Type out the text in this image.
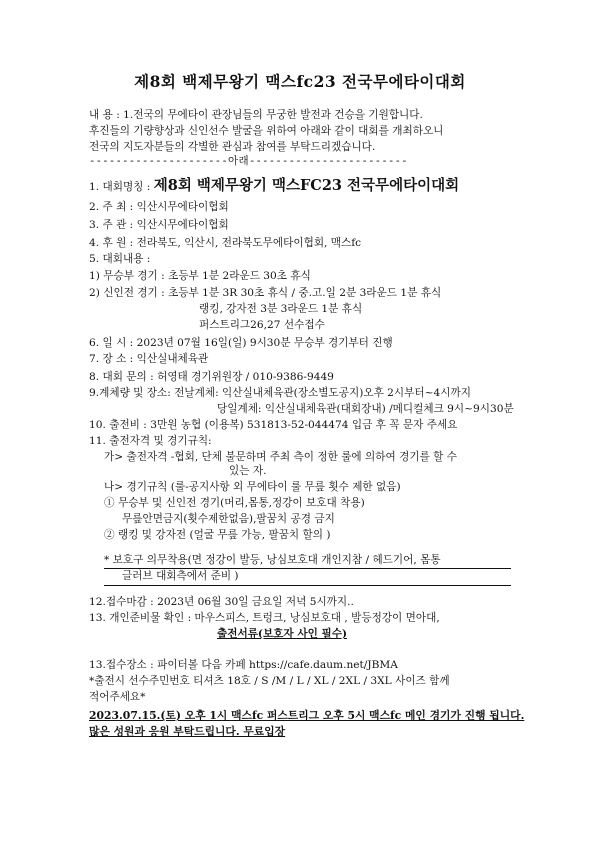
제8회 백제무왕기 맥스fc23 전국무에타이대회
내 용 : 1.전국의 무에타이 관장님들의 무궁한 발전과 건승을 기원합니다.
후진들의 기량향상과 신인선수 발굴을 위하여 아래와 같이 대회를 개최하오니
전국의 지도자분들의 각별한 관심과 참여를 부탁드리겠습니다.
---------------------아래------------------------
1. 대회명칭 : 제8회 백제무왕기 맥스FC23 전국무에타이대회
2. 주 최 : 익산시무에타이협회
3. 주 관 : 익산시무에타이협회
4. 후 원 : 전라북도, 익산시, 전라북도무에타이협회, 맥스fc
5. 대회내용 :
1) 무승부 경기 : 초등부 1분 2라운드 30초 휴식
2) 신인전 경기 : 초등부 1분 3R 30초 휴식 / 중.고.일 2분 3라운드 1분 휴식
랭킹, 강자전 3분 3라운드 1분 휴식
퍼스트리그26,27 선수접수
6. 일 시 : 2023년 07월 16일(일) 9시30분 무승부 경기부터 진행
7. 장 소 : 익산실내체육관
8. 대회 문의 : 허영태 경기위원장 / 010-9386-9449
9.계체량 및 장소: 전날계체: 익산실내체육관(장소별도공지)오후 2시부터~4시까지
당일계체: 익산실내체육관(대회장내) /메디컬체크 9시~9시30분
10. 출전비 : 3만원 농협 (이용복) 531813-52-044474 입금 후 꼭 문자 주세요
11. 출전자격 및 경기규칙:
가> 출전자격 -협회, 단체 불문하며 주최 측이 정한 룰에 의하여 경기를 할 수
있는 자.
나> 경기규칙 (룰-공지사항 외 무에타이 룰 무릎 횟수 제한 없음)
① 무승부 및 신인전 경기(머리,몸통,정강이 보호대 착용)
무릎안면금지(횟수제한없음),팔꿈치 공경 금지
② 랭킹 및 강자전 (얼굴 무릎 가능, 팔꿈치 할의 )
* 보호구 의무착용(면 정강이 발등, 낭심보호대 개인지참 / 헤드기어, 몸통
글러브 대회측에서 준비 )
12.접수마감 : 2023년 06월 30일 금요일 저녁 5시까지..
13. 개인준비물 확인 : 마우스피스, 트렁크, 낭심보호대 , 발등정강이 면아대,
출전서류(보호자 사인 필수)
13.접수장소 : 파이터볼 다음 카페 https://cafe.daum.net/JBMA
*출전시 선수주민번호 티셔츠 18호 / S /M / L / XL / 2XL / 3XL 사이즈 함께
적어주세요*
2023.07.15.(토) 오후 1시 맥스fc 퍼스트리그 오후 5시 맥스fc 메인 경기가 진행 됩니다.
많은 성원과 응원 부탁드립니다. 무료입장
